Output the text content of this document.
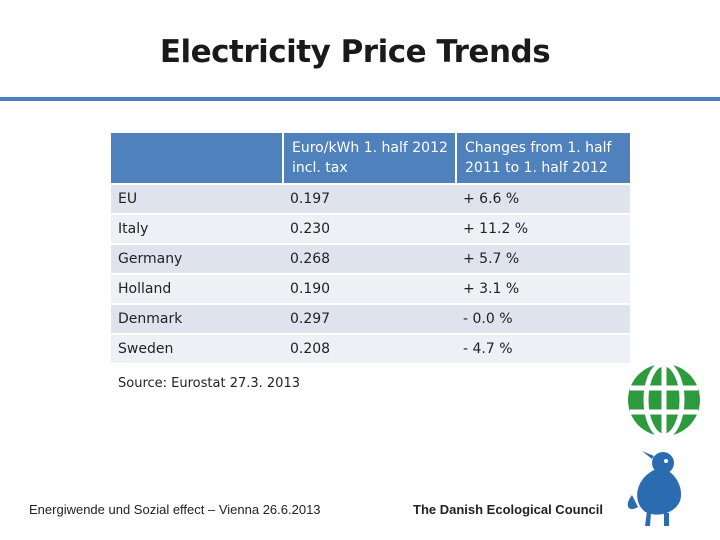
Electricity Price Trends
	Euro/kWh 1. half 2012 incl. tax	Changes from 1. half 2011 to 1. half 2012
EU	0.197	+ 6.6 %
Italy	0.230	+ 11.2 %
Germany	0.268	+ 5.7 %
Holland	0.190	+ 3.1 %
Denmark	0.297	- 0.0 %
Sweden	0.208	- 4.7 %
Source: Eurostat 27.3. 2013
Energiwende und Sozial effect – Vienna 26.6.2013	The Danish Ecological Council
